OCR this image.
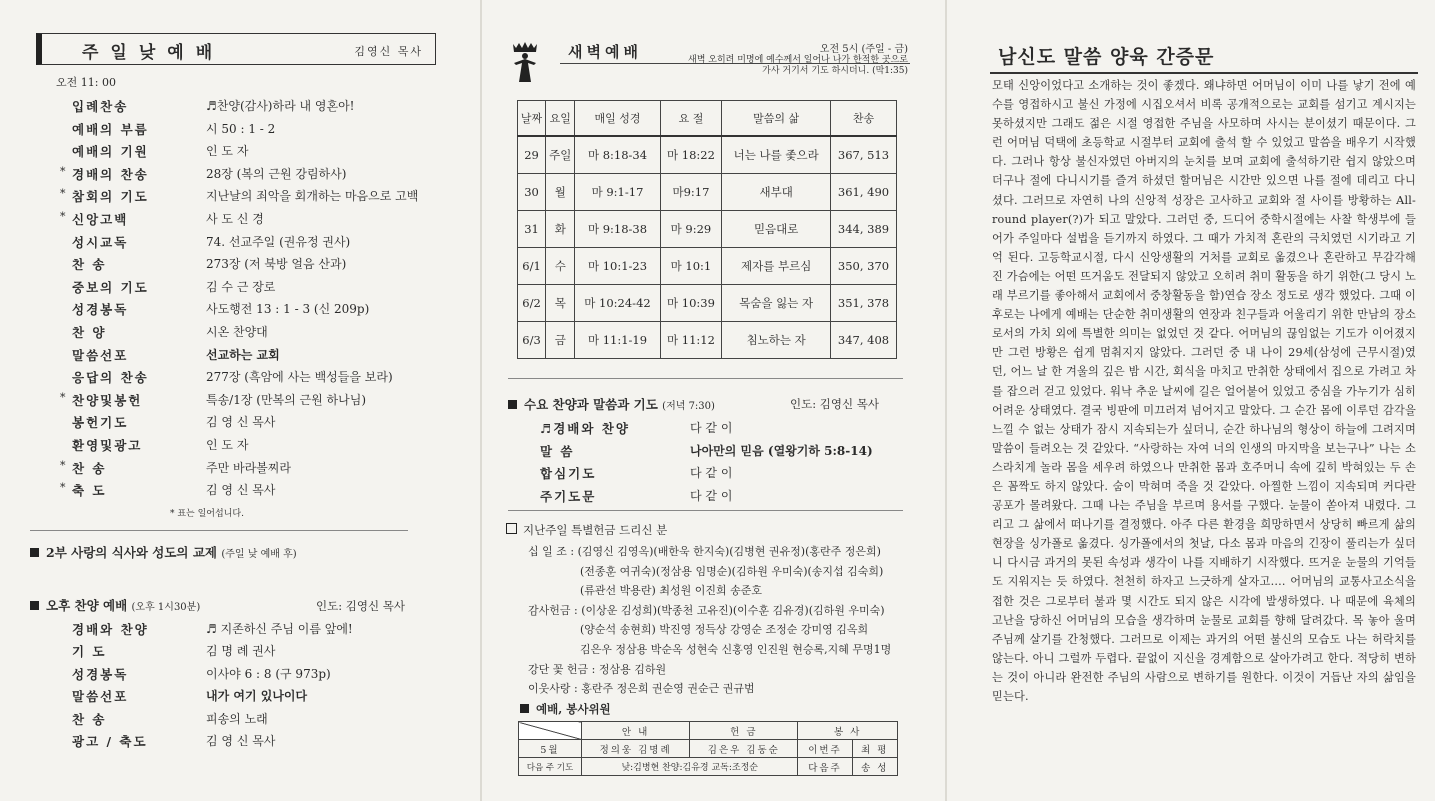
주일낮예배	김영신 목사
오전 11: 00
입례찬송	♬찬양(감사)하라 내 영혼아!
예배의 부름	시 50 : 1 - 2
예배의 기원	인 도 자
* 경배의 찬송	28장 (복의 근원 강림하사)
* 참회의 기도	지난날의 죄악을 회개하는 마음으로 고백
* 신앙고백	사 도 신 경
성시교독	74. 선교주일 (권유정 권사)
찬 송	273장 (저 북방 얼음 산과)
중보의 기도	김 수 근 장로
성경봉독	사도행전 13 : 1 - 3 (신 209p)
찬 양	시온 찬양대
말씀선포	선교하는 교회
응답의 찬송	277장 (흑암에 사는 백성들을 보라)
* 찬양및봉헌	특송/1장 (만복의 근원 하나님)
봉헌기도	김 영 신 목사
환영및광고	인 도 자
* 찬 송	주만 바라볼찌라
* 축 도	김 영 신 목사
* 표는 일어섭니다.
2부 사랑의 식사와 성도의 교제 (주일 낮 예배 후)
오후 찬양 예배 (오후 1시30분)	인도: 김영신 목사
경배와 찬양	♬ 지존하신 주님 이름 앞에!
기 도	김 명 례 권사
성경봉독	이사야 6 : 8 (구 973p)
말씀선포	내가 여기 있나이다
찬 송	피송의 노래
광고 / 축도	김 영 신 목사
새벽예배	오전 5시 (주일 - 금)
새벽 오히려 미명에 예수께서 일어나 나가 한적한 곳으로 가사 거기서 기도 하시더니. (막1:35)
날짜	요일	매일 성경	요 절	말씀의 삶	찬송
29	주일	마 8:18-34	마 18:22	너는 나를 좇으라	367, 513
30	월	마 9:1-17	마9:17	새부대	361, 490
31	화	마 9:18-38	마 9:29	믿음대로	344, 389
6/1	수	마 10:1-23	마 10:1	제자를 부르심	350, 370
6/2	목	마 10:24-42	마 10:39	목숨을 잃는 자	351, 378
6/3	금	마 11:1-19	마 11:12	침노하는 자	347, 408
수요 찬양과 말씀과 기도 (저녁 7:30)	인도: 김영신 목사
♬경배와 찬양	다 같 이
말 씀	나아만의 믿음 (열왕기하 5:8-14)
합심기도	다 같 이
주기도문	다 같 이
지난주일 특별헌금 드리신 분
십 일 조 : (김영신 김영옥)(배한욱 한지숙)(김병현 권유정)(홍란주 정은희)
(전종훈 여귀숙)(정삼용 임명순)(김하원 우미숙)(송지섭 김숙희)
(류관선 박용란) 최성원 이진희 송준호
감사헌금 : (이상운 김성희)(박종천 고유진)(이수훈 김유경)(김하원 우미숙)
(양순석 송현희) 박진영 정득상 강영순 조정순 강미영 김옥희
김은우 정삼용 박순옥 성현숙 신홍영 인진원 현승록,지혜 무명1명
강단 꽃 헌금 : 정삼용 김하원
이웃사랑 : 홍란주 정은희 권순영 권순근 권규범
예배, 봉사위원
	안 내	헌 금	봉 사	
5월	정의웅 김명례	김은우 김동순	이번주	최 평
다음 주 기도	낮:김병현 찬양:김유경 교독:조정순		다음주	송 성
남신도 말씀 양육 간증문
모태 신앙이었다고 소개하는 것이 좋겠다. 왜냐하면 어머님이 이미 나를 낳기 전에 예수를 영접하시고 불신 가정에 시집오셔서 비록 공개적으로는 교회를 섬기고 계시지는 못하셨지만 그래도 젊은 시절 영접한 주님을 사모하며 사시는 분이셨기 때문이다. 그런 어머님 덕택에 초등학교 시절부터 교회에 출석 할 수 있었고 말씀을 배우기 시작했다. 그러나 항상 불신자였던 아버지의 눈치를 보며 교회에 출석하기란 쉽지 않았으며 더구나 절에 다니시기를 즐겨 하셨던 할머님은 시간만 있으면 나를 절에 데리고 다니셨다. 그러므로 자연히 나의 신앙적 성장은 고사하고 교회와 절 사이를 방황하는 All-round player(?)가 되고 말았다. 그러던 중, 드디어 중학시절에는 사찰 학생부에 들어가 주일마다 설법을 듣기까지 하였다. 그 때가 가치적 혼란의 극치였던 시기라고 기억 된다. 고등학교시절, 다시 신앙생활의 거처를 교회로 옮겼으나 혼란하고 무감각해진 가슴에는 어떤 뜨거움도 전달되지 않았고 오히려 취미 활동을 하기 위한(그 당시 노래 부르기를 좋아해서 교회에서 중창활동을 함)연습 장소 정도로 생각 했었다. 그때 이후로는 나에게 예배는 단순한 취미생활의 연장과 친구들과 어울리기 위한 만남의 장소로서의 가치 외에 특별한 의미는 없었던 것 같다. 어머님의 끊임없는 기도가 이어졌지만 그런 방황은 쉽게 멈춰지지 않았다. 그러던 중 내 나이 29세(삼성에 근무시절)였던, 어느 날 한 겨울의 깊은 밤 시간, 회식을 마치고 만취한 상태에서 집으로 가려고 차를 잡으러 걷고 있었다. 워낙 추운 날씨에 길은 얼어붙어 있었고 중심을 가누기가 심히 어려운 상태였다. 결국 빙판에 미끄러져 넘어지고 말았다. 그 순간 몸에 이루던 감각을 느낄 수 없는 상태가 잠시 지속되는가 싶더니, 순간 하나님의 형상이 하늘에 그려지며 말씀이 들려오는 것 같았다. “사랑하는 자여 너의 인생의 마지막을 보는구나” 나는 소스라치게 놀라 몸을 세우려 하였으나 만취한 몸과 호주머니 속에 깊히 박혀있는 두 손은 꼼짝도 하지 않았다. 숨이 막혀며 죽을 것 같았다. 아찔한 느낌이 지속되며 커다란 공포가 몰려왔다. 그때 나는 주님을 부르며 용서를 구했다. 눈물이 쏟아져 내렸다. 그리고 그 삶에서 떠나기를 결정했다. 아주 다른 환경을 희망하면서 상당히 빠르게 삶의 현장을 싱가폴로 옮겼다. 싱가폴에서의 첫날, 다소 몸과 마음의 긴장이 풀리는가 싶더니 다시금 과거의 못된 속성과 생각이 나를 지배하기 시작했다. 뜨거운 눈물의 기억들도 지워지는 듯 하였다. 천천히 하자고 느긋하게 살자고.... 어머님의 교통사고소식을 접한 것은 그로부터 불과 몇 시간도 되지 않은 시각에 발생하였다. 나 때문에 육체의 고난을 당하신 어머님의 모습을 생각하며 눈물로 교회를 향해 달려갔다. 목 놓아 울며 주님께 살기를 간청했다. 그러므로 이제는 과거의 어떤 불신의 모습도 나는 허락치를 않는다. 아니 그럴까 두렵다. 끝없이 지신을 경계함으로 살아가려고 한다. 적당히 변하는 것이 아니라 완전한 주님의 사람으로 변하기를 원한다. 이것이 거듭난 자의 삶임을 믿는다.
